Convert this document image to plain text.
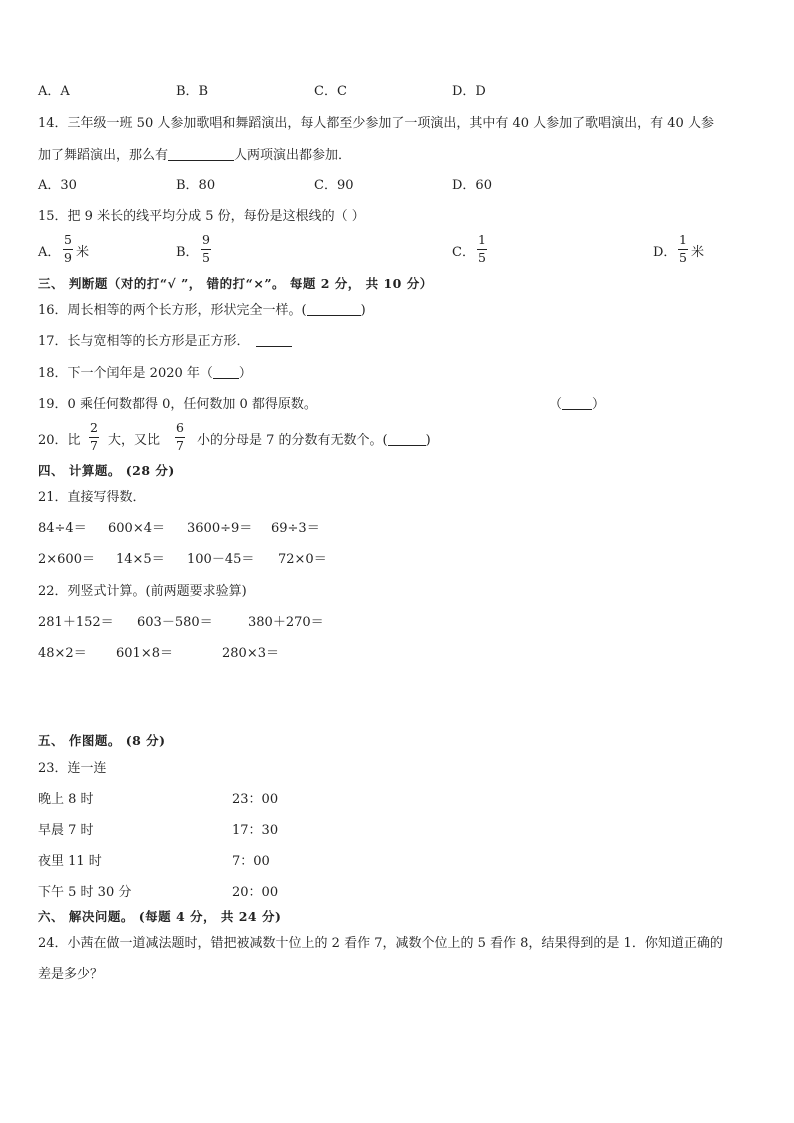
A．A	B．B	C．C	D．D
14．三年级一班 50 人参加歌唱和舞蹈演出，每人都至少参加了一项演出，其中有 40 人参加了歌唱演出，有 40 人参
加了舞蹈演出，那么有	人两项演出都参加．
A．30	B．80	C．90	D．60
15．把 9 米长的线平均分成 5 份，每份是这根线的（ ）
A．
5
9 米	B．
9
5	C．
1
5	D．
1
5 米
三、 判断题（对的打“√ ”， 错的打“×”。 每题 2 分， 共 10 分）
16．周长相等的两个长方形，形状完全一样。(	)
17．长与宽相等的长方形是正方形．
18．下一个闰年是 2020 年（ ）
19．0 乘任何数都得 0，任何数加 0 都得原数。	（ ）
20．比
2
7 大，又比
6
7 小的分母是 7 的分数有无数个。(	)
四、 计算题。 (28 分)
21．直接写得数．
84÷4＝ 600×4＝ 3600÷9＝ 69÷3＝
2×600＝ 14×5＝ 100－45＝ 72×0＝
22．列竖式计算。(前两题要求验算)
281＋152＝ 603－580＝	380＋270＝
48×2＝ 601×8＝	280×3＝
五、 作图题。 (8 分)
23．连一连
晚上 8 时	23：00
早晨 7 时	17：30
夜里 11 时	7：00
下午 5 时 30 分	20：00
六、 解决问题。 (每题 4 分， 共 24 分)
24．小茜在做一道减法题时，错把被减数十位上的 2 看作 7，减数个位上的 5 看作 8，结果得到的是 1．你知道正确的
差是多少？
